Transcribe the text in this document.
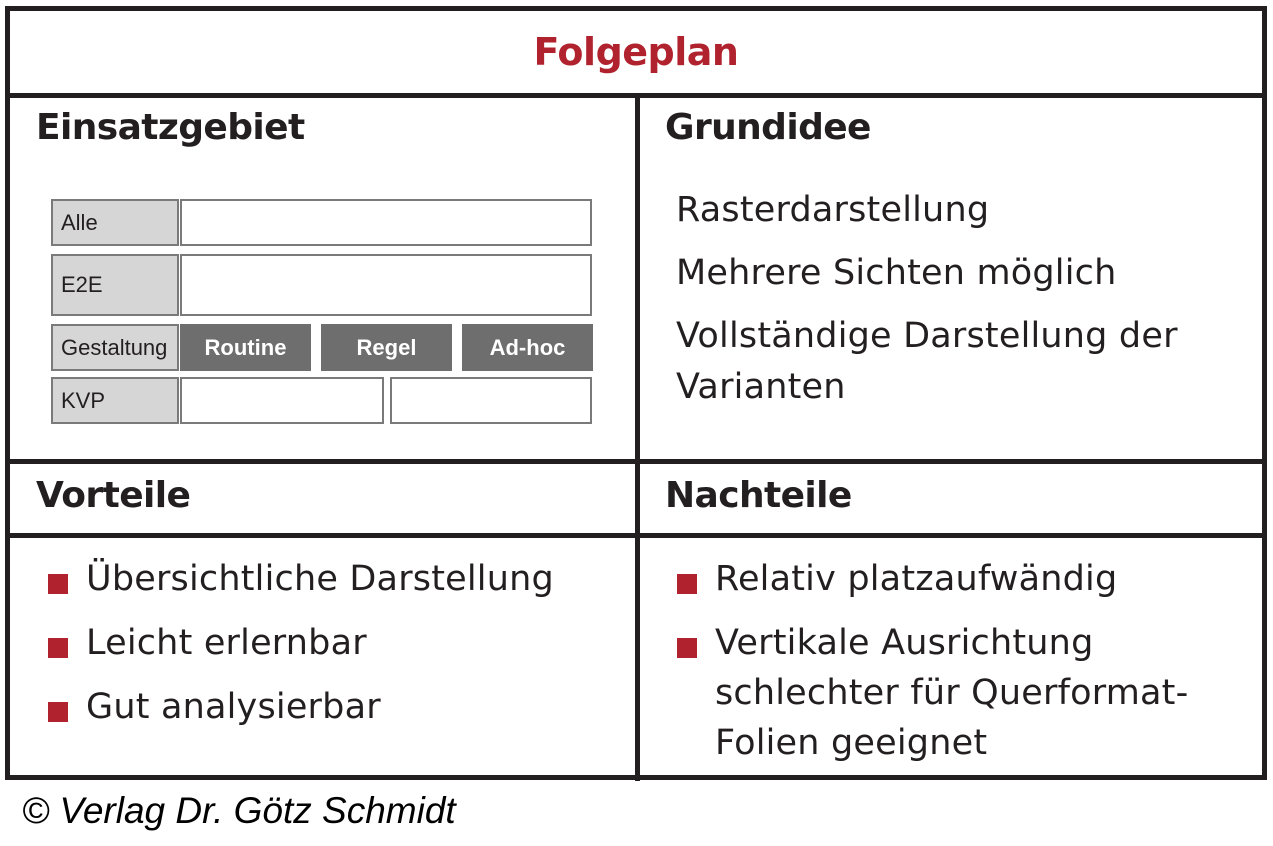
Folgeplan
Einsatzgebiet
Alle
E2E
Gestaltung	Routine	Regel	Ad-hoc
KVP
Grundidee
Rasterdarstellung
Mehrere Sichten möglich
Vollständige Darstellung der
Varianten
Vorteile
Übersichtliche Darstellung
Leicht erlernbar
Gut analysierbar
Nachteile
Relativ platzaufwändig
Vertikale Ausrichtung
schlechter für Querformat-
Folien geeignet
© Verlag Dr. Götz Schmidt
